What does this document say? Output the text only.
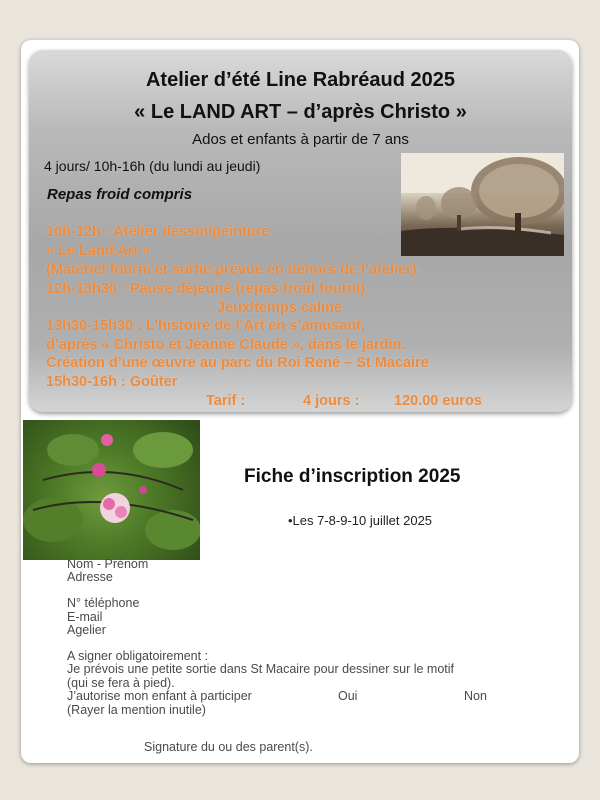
Atelier d’été Line Rabréaud 2025
« Le LAND ART – d’après Christo »
Ados et enfants à partir de 7 ans
4 jours/ 10h-16h (du lundi au jeudi)
Repas froid compris
10h-12h : Atelier dessin/peinture
« Le Land Art »
(Matériel fourni et sortie prévue en dehors de l’atelier)
12h-13h30 : Pause déjeuné (repas froid fourni)
Jeux/temps calme
13h30-15h30 : L’histoire de l’Art en s’amusant,
d’après « Christo et Jeanne Claude », dans le jardin.
Création d’une œuvre au parc du Roi René – St Macaire
15h30-16h : Goûter
Tarif :	4 jours : 120.00 euros
Fiche d’inscription 2025
•Les 7-8-9-10 juillet 2025
Nom - Prénom
Adresse
N° téléphone
E-mail
Agelier
A signer obligatoirement :
Je prévois une petite sortie dans St Macaire pour dessiner sur le motif
(qui se fera à pied).
J’autorise mon enfant à participer	Oui	Non
(Rayer la mention inutile)
Signature du ou des parent(s).
